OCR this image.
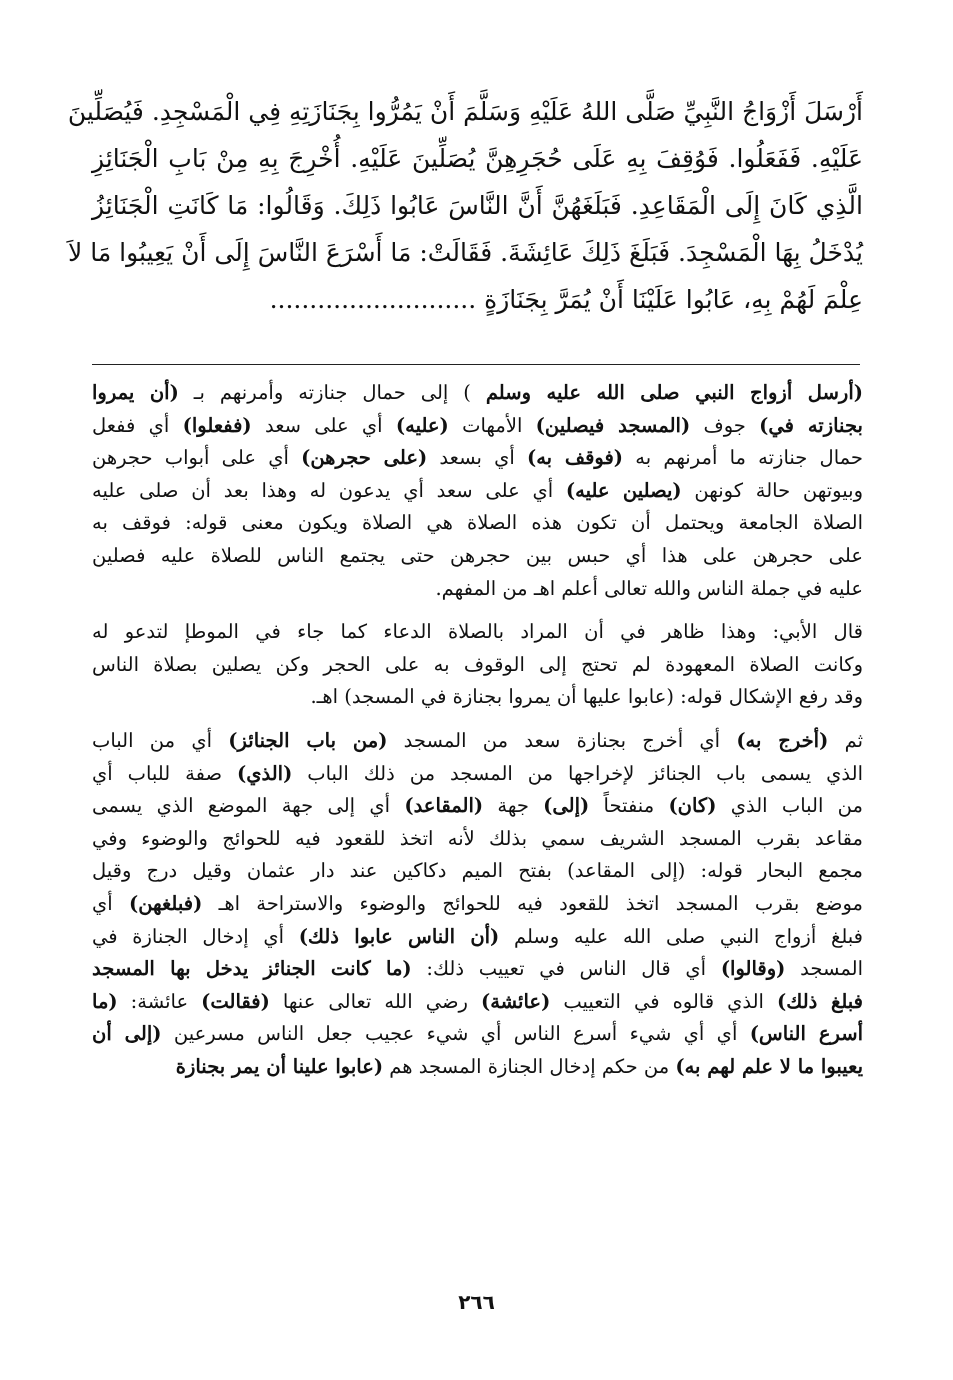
أَرْسَلَ أَزْوَاجُ النَّبِيِّ صَلَّى اللهُ عَلَيْهِ وَسَلَّمَ أَنْ يَمُرُّوا بِجَنَازَتِهِ فِي الْمَسْجِدِ. فَيُصَلِّينَ
عَلَيْهِ. فَفَعَلُوا. فَوُقِفَ بِهِ عَلَى حُجَرِهِنَّ يُصَلِّينَ عَلَيْهِ. أُخْرِجَ بِهِ مِنْ بَابِ الْجَنَائِزِ
الَّذِي كَانَ إِلَى الْمَقَاعِدِ. فَبَلَغَهُنَّ أَنَّ النَّاسَ عَابُوا ذَلِكَ. وَقَالُوا: مَا كَانَتِ الْجَنَائِزُ
يُدْخَلُ بِهَا الْمَسْجِدَ. فَبَلَغَ ذَلِكَ عَائِشَةَ. فَقَالَتْ: مَا أَسْرَعَ النَّاسَ إِلَى أَنْ يَعِيبُوا مَا لاَ
عِلْمَ لَهُمْ بِهِ، عَابُوا عَلَيْنَا أَنْ يُمَرَّ بِجَنَازَةٍ ..........................
(أرسل أزواج النبي صلى الله عليه وسلم ) إلى حمال جنازته وأمرنهم بـ (أن يمروا
بجنازته في) جوف (المسجد فيصلين) الأمهات (عليه) أي على سعد (ففعلوا) أي ففعل
حمال جنازته ما أمرنهم به (فوقف به) أي بسعد (على حجرهن) أي على أبواب حجرهن
وبيوتهن حالة كونهن (يصلين عليه) أي على سعد أي يدعون له وهذا بعد أن صلى عليه
الصلاة الجامعة ويحتمل أن تكون هذه الصلاة هي الصلاة ويكون معنى قوله: فوقف به
على حجرهن على هذا أي حبس بين حجرهن حتى يجتمع الناس للصلاة عليه فصلين
عليه في جملة الناس والله تعالى أعلم اهـ من المفهم.
قال الأبي: وهذا ظاهر في أن المراد بالصلاة الدعاء كما جاء في الموطإ لتدعو له
وكانت الصلاة المعهودة لم تحتج إلى الوقوف به على الحجر وكن يصلين بصلاة الناس
وقد رفع الإشكال قوله: (عابوا عليها أن يمروا بجنازة في المسجد) اهـ.
ثم (أخرج به) أي أخرج بجنازة سعد من المسجد (من باب الجنائز) أي من الباب
الذي يسمى باب الجنائز لإخراجها من المسجد من ذلك الباب (الذي) صفة للباب أي
من الباب الذي (كان) منفتحاً (إلى) جهة (المقاعد) أي إلى جهة الموضع الذي يسمى
مقاعد بقرب المسجد الشريف سمي بذلك لأنه اتخذ للقعود فيه للحوائج والوضوء وفي
مجمع البحار قوله: (إلى المقاعد) بفتح الميم دكاكين عند دار عثمان وقيل درج وقيل
موضع بقرب المسجد اتخذ للقعود فيه للحوائج والوضوء والاستراحة اهـ (فبلغهن) أي
فبلغ أزواج النبي صلى الله عليه وسلم (أن الناس عابوا ذلك) أي إدخال الجنازة في
المسجد (وقالوا) أي قال الناس في تعييب ذلك: (ما كانت الجنائز يدخل بها المسجد
فبلغ ذلك) الذي قالوه في التعييب (عائشة) رضي الله تعالى عنها (فقالت) عائشة: (ما
أسرع الناس) أي أي شيء أسرع الناس أي شيء عجيب جعل الناس مسرعين (إلى أن
يعيبوا ما لا علم لهم به) من حكم إدخال الجنازة المسجد هم (عابوا علينا أن يمر بجنازة
٢٦٦
